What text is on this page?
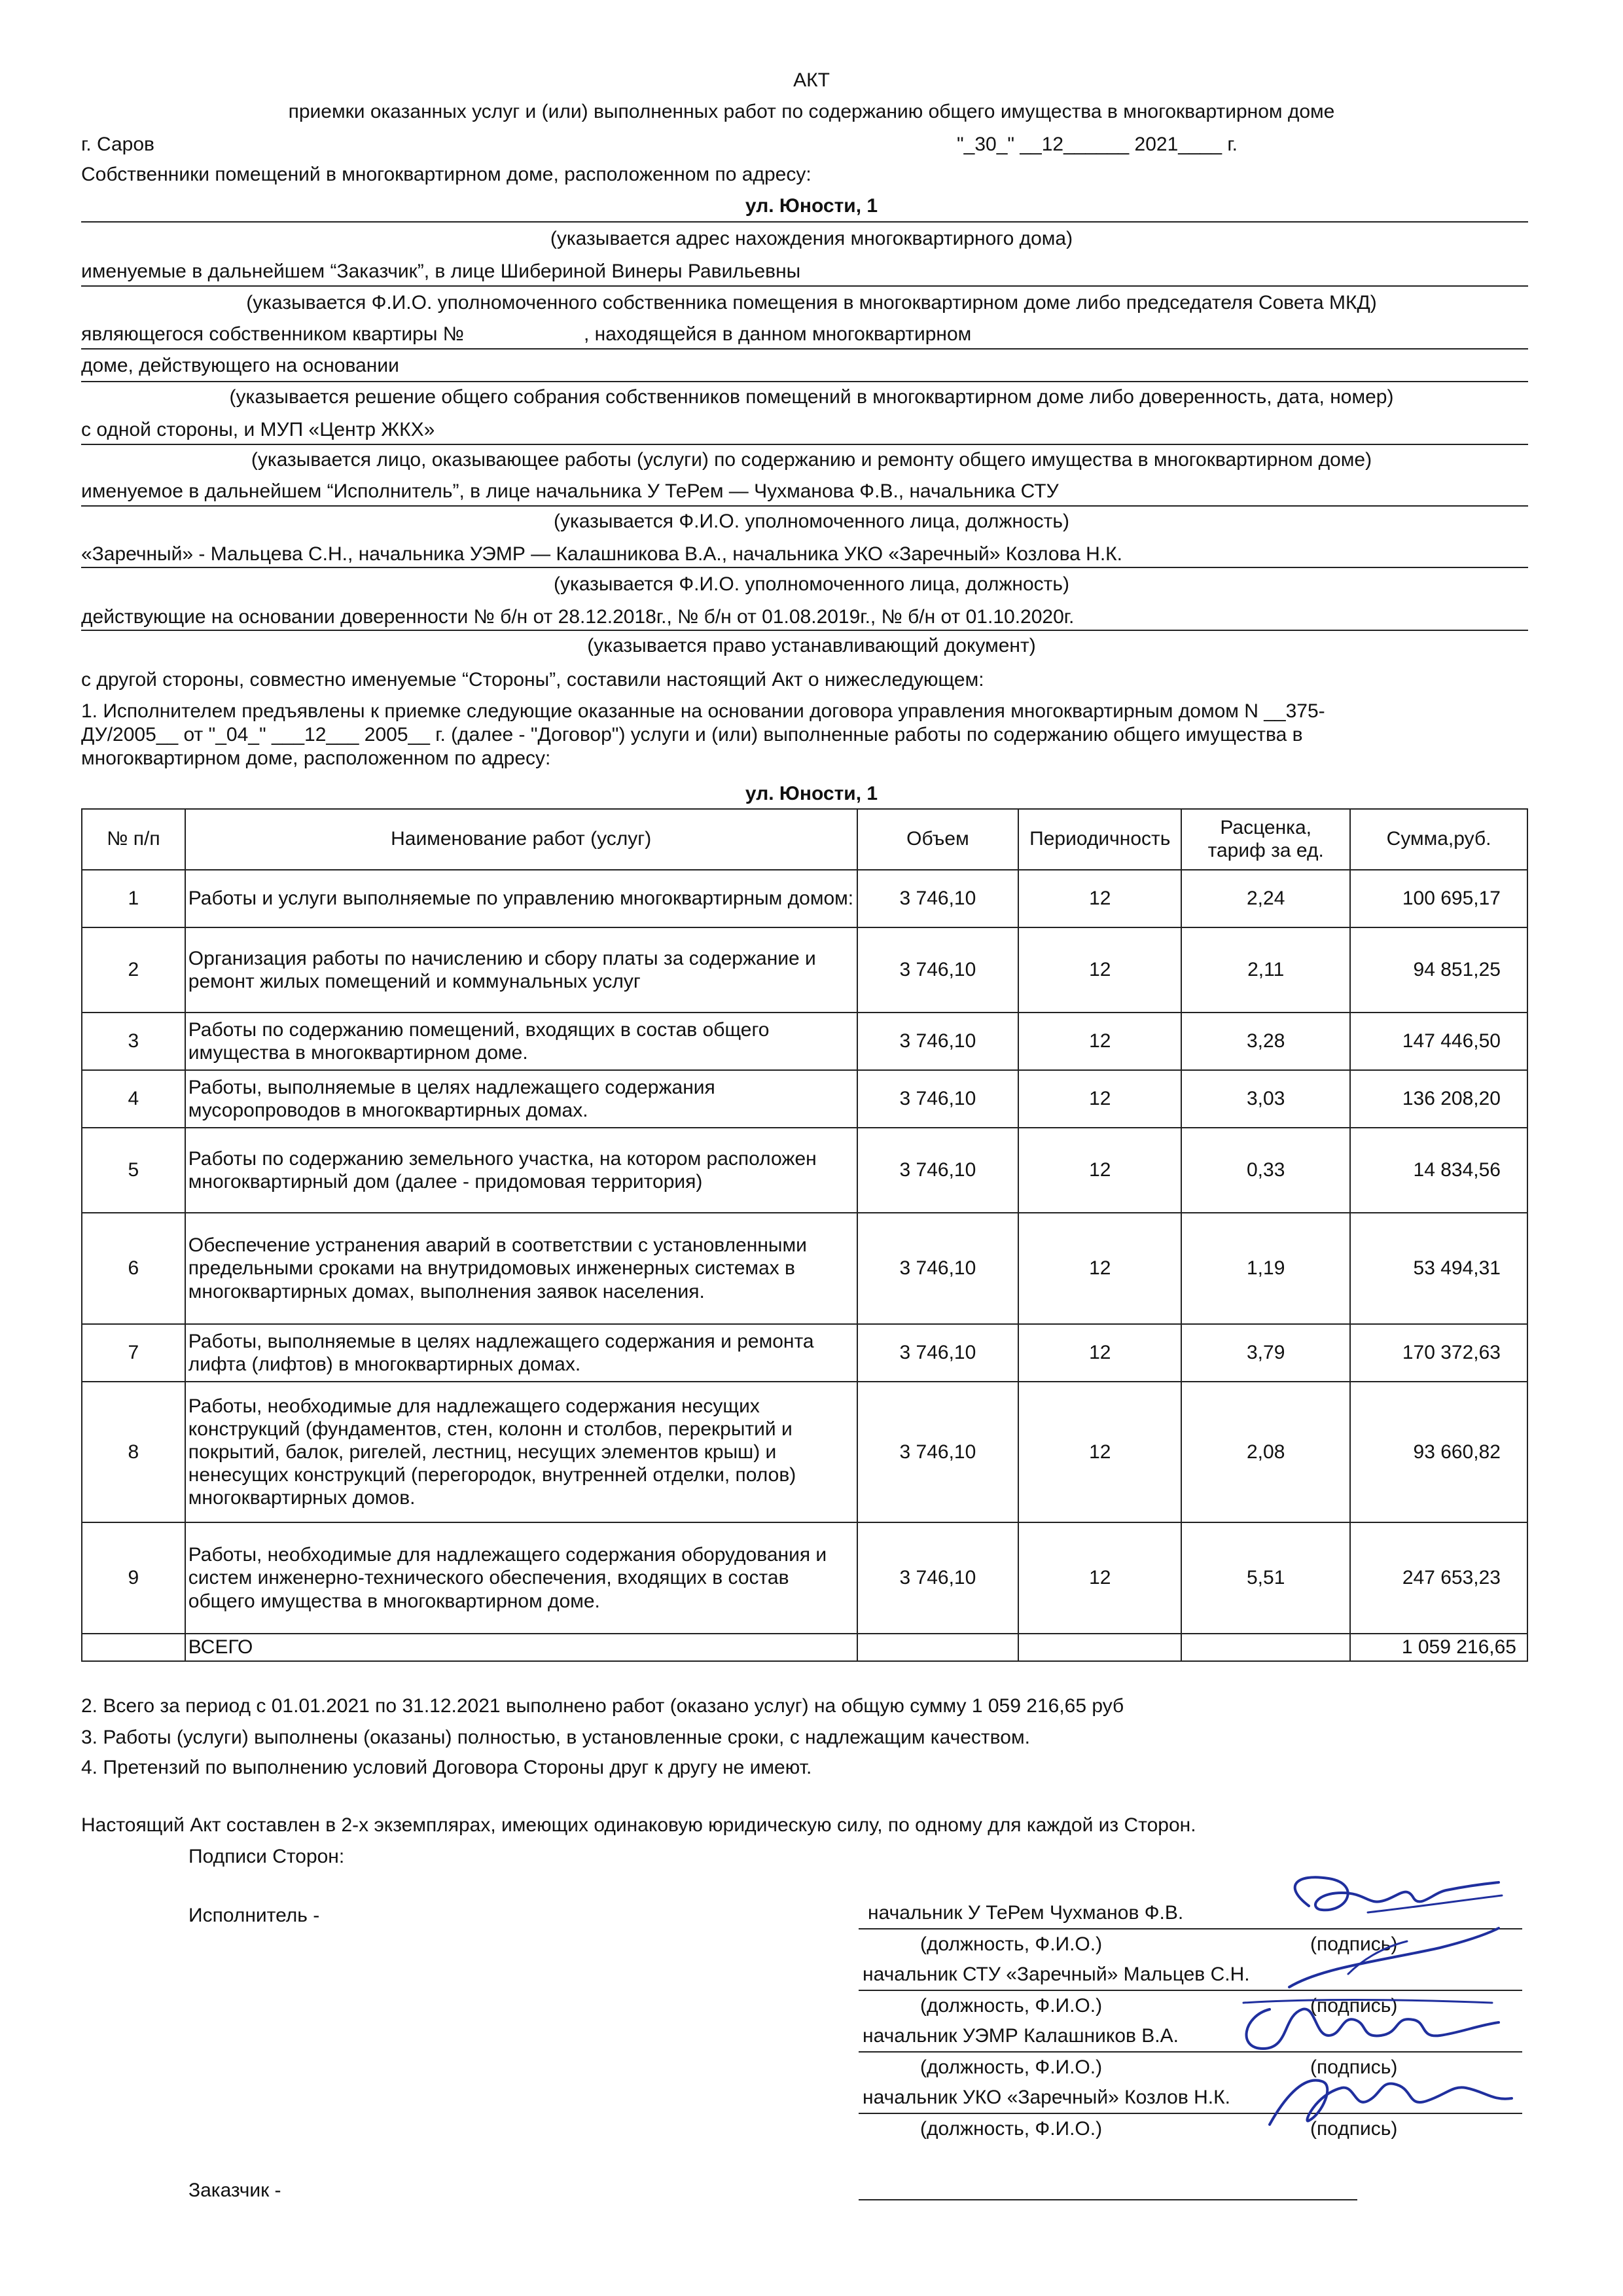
АКТ
приемки оказанных услуг и (или) выполненных работ по содержанию общего имущества в многоквартирном доме
г. Саров	"_30_" __12______ 2021____ г.
Собственники помещений в многоквартирном доме, расположенном по адресу:
ул. Юности, 1
(указывается адрес нахождения многоквартирного дома)
именуемые в дальнейшем “Заказчик”, в лице Шибериной Винеры Равильевны
(указывается Ф.И.О. уполномоченного собственника помещения в многоквартирном доме либо председателя Совета МКД)
являющегося собственником квартиры №	, находящейся в данном многоквартирном
доме, действующего на основании
(указывается решение общего собрания собственников помещений в многоквартирном доме либо доверенность, дата, номер)
с одной стороны, и МУП «Центр ЖКХ»
(указывается лицо, оказывающее работы (услуги) по содержанию и ремонту общего имущества в многоквартирном доме)
именуемое в дальнейшем “Исполнитель”, в лице начальника У ТеРем — Чухманова Ф.В., начальника СТУ
(указывается Ф.И.О. уполномоченного лица, должность)
«Заречный» - Мальцева С.Н., начальника УЭМР — Калашникова В.А., начальника УКО «Заречный» Козлова Н.К.
(указывается Ф.И.О. уполномоченного лица, должность)
действующие на основании доверенности № б/н от 28.12.2018г., № б/н от 01.08.2019г., № б/н от 01.10.2020г.
(указывается право устанавливающий документ)
с другой стороны, совместно именуемые “Стороны”, составили настоящий Акт о нижеследующем:
1. Исполнителем предъявлены к приемке следующие оказанные на основании договора управления многоквартирным домом N __375-
ДУ/2005__ от "_04_" ___12___ 2005__ г. (далее - "Договор") услуги и (или) выполненные работы по содержанию общего имущества в
многоквартирном доме, расположенном по адресу:
ул. Юности, 1
№ п/п	Наименование работ (услуг)	Объем	Периодичность	Расценка, тариф за ед.	Сумма,руб.
1	Работы и услуги выполняемые по управлению многоквартирным домом:	3 746,10	12	2,24	100 695,17
2	Организация работы по начислению и сбору платы за содержание и ремонт жилых помещений и коммунальных услуг	3 746,10	12	2,11	94 851,25
3	Работы по содержанию помещений, входящих в состав общего имущества в многоквартирном доме.	3 746,10	12	3,28	147 446,50
4	Работы, выполняемые в целях надлежащего содержания мусоропроводов в многоквартирных домах.	3 746,10	12	3,03	136 208,20
5	Работы по содержанию земельного участка, на котором расположен многоквартирный дом (далее - придомовая территория)	3 746,10	12	0,33	14 834,56
6	Обеспечение устранения аварий в соответствии с установленными предельными сроками на внутридомовых инженерных системах в многоквартирных домах, выполнения заявок населения.	3 746,10	12	1,19	53 494,31
7	Работы, выполняемые в целях надлежащего содержания и ремонта лифта (лифтов) в многоквартирных домах.	3 746,10	12	3,79	170 372,63
8	Работы, необходимые для надлежащего содержания несущих конструкций (фундаментов, стен, колонн и столбов, перекрытий и покрытий, балок, ригелей, лестниц, несущих элементов крыш) и ненесущих конструкций (перегородок, внутренней отделки, полов) многоквартирных домов.	3 746,10	12	2,08	93 660,82
9	Работы, необходимые для надлежащего содержания оборудования и систем инженерно-технического обеспечения, входящих в состав общего имущества в многоквартирном доме.	3 746,10	12	5,51	247 653,23
	ВСЕГО				1 059 216,65
2. Всего за период с 01.01.2021 по 31.12.2021 выполнено работ (оказано услуг) на общую сумму 1 059 216,65 руб
3. Работы (услуги) выполнены (оказаны) полностью, в установленные сроки, с надлежащим качеством.
4. Претензий по выполнению условий Договора Стороны друг к другу не имеют.
Настоящий Акт составлен в 2-х экземплярах, имеющих одинаковую юридическую силу, по одному для каждой из Сторон.
Подписи Сторон:
Исполнитель -	начальник У ТеРем Чухманов Ф.В.
(должность, Ф.И.О.)	(подпись)
начальник СТУ «Заречный» Мальцев С.Н.
(должность, Ф.И.О.)	(подпись)
начальник УЭМР Калашников В.А.
(должность, Ф.И.О.)	(подпись)
начальник УКО «Заречный» Козлов Н.К.
(должность, Ф.И.О.)	(подпись)
Заказчик -
